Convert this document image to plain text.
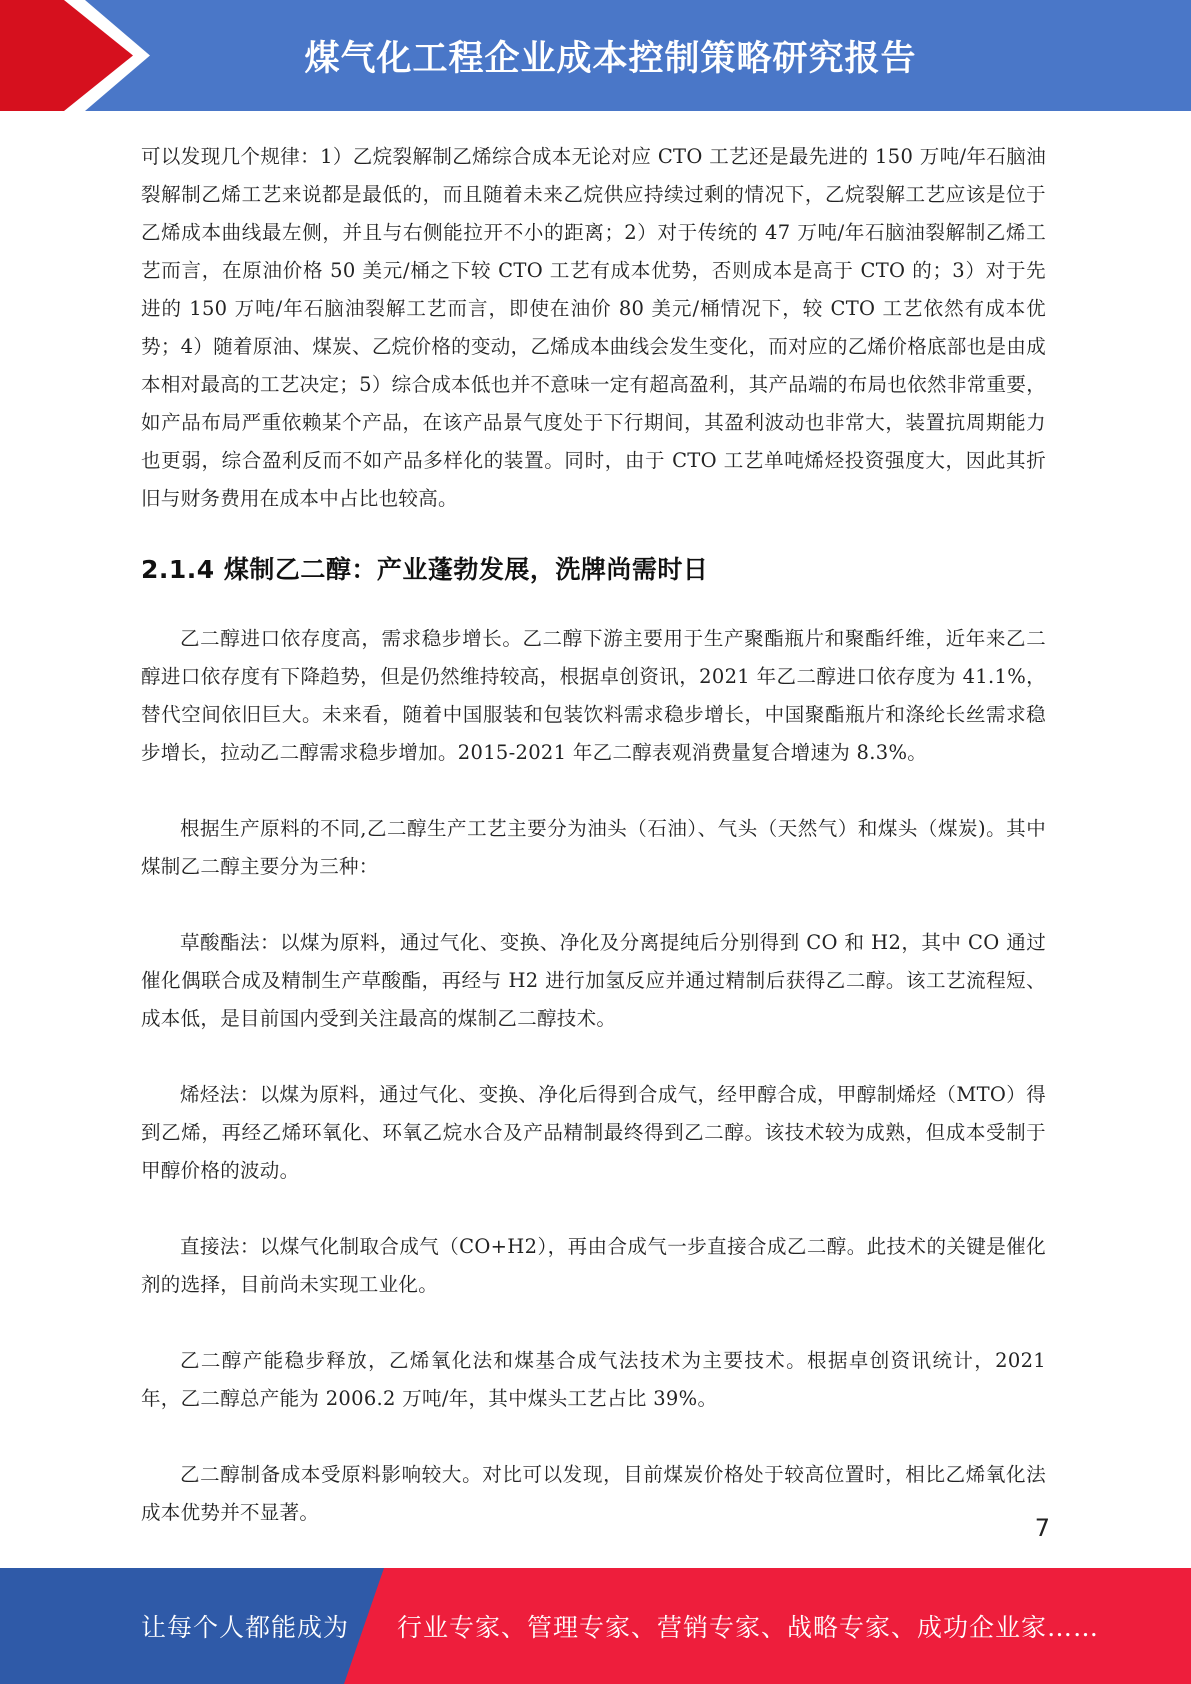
煤气化工程企业成本控制策略研究报告

可以发现几个规律：1）乙烷裂解制乙烯综合成本无论对应 CTO 工艺还是最先进的 150 万吨/年石脑油裂解制乙烯工艺来说都是最低的，而且随着未来乙烷供应持续过剩的情况下，乙烷裂解工艺应该是位于乙烯成本曲线最左侧，并且与右侧能拉开不小的距离；2）对于传统的 47 万吨/年石脑油裂解制乙烯工艺而言，在原油价格 50 美元/桶之下较 CTO 工艺有成本优势，否则成本是高于 CTO 的；3）对于先进的 150 万吨/年石脑油裂解工艺而言，即使在油价 80 美元/桶情况下，较 CTO 工艺依然有成本优势；4）随着原油、煤炭、乙烷价格的变动，乙烯成本曲线会发生变化，而对应的乙烯价格底部也是由成本相对最高的工艺决定；5）综合成本低也并不意味一定有超高盈利，其产品端的布局也依然非常重要，如产品布局严重依赖某个产品，在该产品景气度处于下行期间，其盈利波动也非常大，装置抗周期能力也更弱，综合盈利反而不如产品多样化的装置。同时，由于 CTO 工艺单吨烯烃投资强度大，因此其折旧与财务费用在成本中占比也较高。

2.1.4 煤制乙二醇：产业蓬勃发展，洗牌尚需时日

乙二醇进口依存度高，需求稳步增长。乙二醇下游主要用于生产聚酯瓶片和聚酯纤维，近年来乙二醇进口依存度有下降趋势，但是仍然维持较高，根据卓创资讯，2021 年乙二醇进口依存度为 41.1%，替代空间依旧巨大。未来看，随着中国服装和包装饮料需求稳步增长，中国聚酯瓶片和涤纶长丝需求稳步增长，拉动乙二醇需求稳步增加。2015-2021 年乙二醇表观消费量复合增速为 8.3%。

根据生产原料的不同,乙二醇生产工艺主要分为油头（石油）、气头（天然气）和煤头（煤炭)。其中煤制乙二醇主要分为三种：

草酸酯法：以煤为原料，通过气化、变换、净化及分离提纯后分别得到 CO 和 H2，其中 CO 通过催化偶联合成及精制生产草酸酯，再经与 H2 进行加氢反应并通过精制后获得乙二醇。该工艺流程短、成本低，是目前国内受到关注最高的煤制乙二醇技术。

烯烃法：以煤为原料，通过气化、变换、净化后得到合成气，经甲醇合成，甲醇制烯烃（MTO）得到乙烯，再经乙烯环氧化、环氧乙烷水合及产品精制最终得到乙二醇。该技术较为成熟，但成本受制于甲醇价格的波动。

直接法：以煤气化制取合成气（CO+H2），再由合成气一步直接合成乙二醇。此技术的关键是催化剂的选择，目前尚未实现工业化。

乙二醇产能稳步释放，乙烯氧化法和煤基合成气法技术为主要技术。根据卓创资讯统计，2021 年，乙二醇总产能为 2006.2 万吨/年，其中煤头工艺占比 39%。

乙二醇制备成本受原料影响较大。对比可以发现，目前煤炭价格处于较高位置时，相比乙烯氧化法成本优势并不显著。

7
让每个人都能成为 行业专家、管理专家、营销专家、战略专家、成功企业家……
